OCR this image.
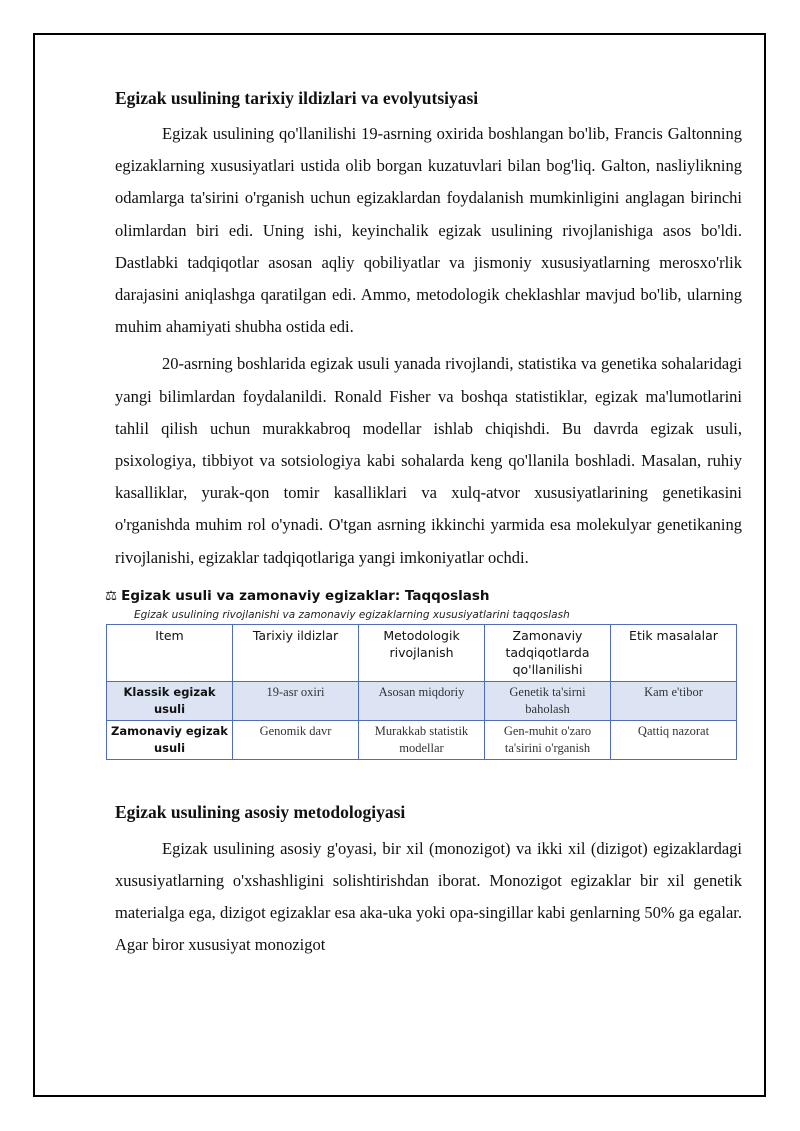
Egizak usulining tarixiy ildizlari va evolyutsiyasi

Egizak usulining qo'llanilishi 19-asrning oxirida boshlangan bo'lib, Francis Galtonning egizaklarning xususiyatlari ustida olib borgan kuzatuvlari bilan bog'liq. Galton, nasliylikning odamlarga ta'sirini o'rganish uchun egizaklardan foydalanish mumkinligini anglagan birinchi olimlardan biri edi. Uning ishi, keyinchalik egizak usulining rivojlanishiga asos bo'ldi. Dastlabki tadqiqotlar asosan aqliy qobiliyatlar va jismoniy xususiyatlarning merosxo'rlik darajasini aniqlashga qaratilgan edi. Ammo, metodologik cheklashlar mavjud bo'lib, ularning muhim ahamiyati shubha ostida edi.

20-asrning boshlarida egizak usuli yanada rivojlandi, statistika va genetika sohalaridagi yangi bilimlardan foydalanildi. Ronald Fisher va boshqa statistiklar, egizak ma'lumotlarini tahlil qilish uchun murakkabroq modellar ishlab chiqishdi. Bu davrda egizak usuli, psixologiya, tibbiyot va sotsiologiya kabi sohalarda keng qo'llanila boshladi. Masalan, ruhiy kasalliklar, yurak-qon tomir kasalliklari va xulq-atvor xususiyatlarining genetikasini o'rganishda muhim rol o'ynadi. O'tgan asrning ikkinchi yarmida esa molekulyar genetikaning rivojlanishi, egizaklar tadqiqotlariga yangi imkoniyatlar ochdi.

⚖ Egizak usuli va zamonaviy egizaklar: Taqqoslash
Egizak usulining rivojlanishi va zamonaviy egizaklarning xususiyatlarini taqqoslash
Item	Tarixiy ildizlar	Metodologik rivojlanish	Zamonaviy tadqiqotlarda qo'llanilishi	Etik masalalar
Klassik egizak usuli	19-asr oxiri	Asosan miqdoriy	Genetik ta'sirni baholash	Kam e'tibor
Zamonaviy egizak usuli	Genomik davr	Murakkab statistik modellar	Gen-muhit o'zaro ta'sirini o'rganish	Qattiq nazorat
Egizak usulining asosiy metodologiyasi

Egizak usulining asosiy g'oyasi, bir xil (monozigot) va ikki xil (dizigot) egizaklardagi xususiyatlarning o'xshashligini solishtirishdan iborat. Monozigot egizaklar bir xil genetik materialga ega, dizigot egizaklar esa aka-uka yoki opa-singillar kabi genlarning 50% ga egalar. Agar biror xususiyat monozigot
